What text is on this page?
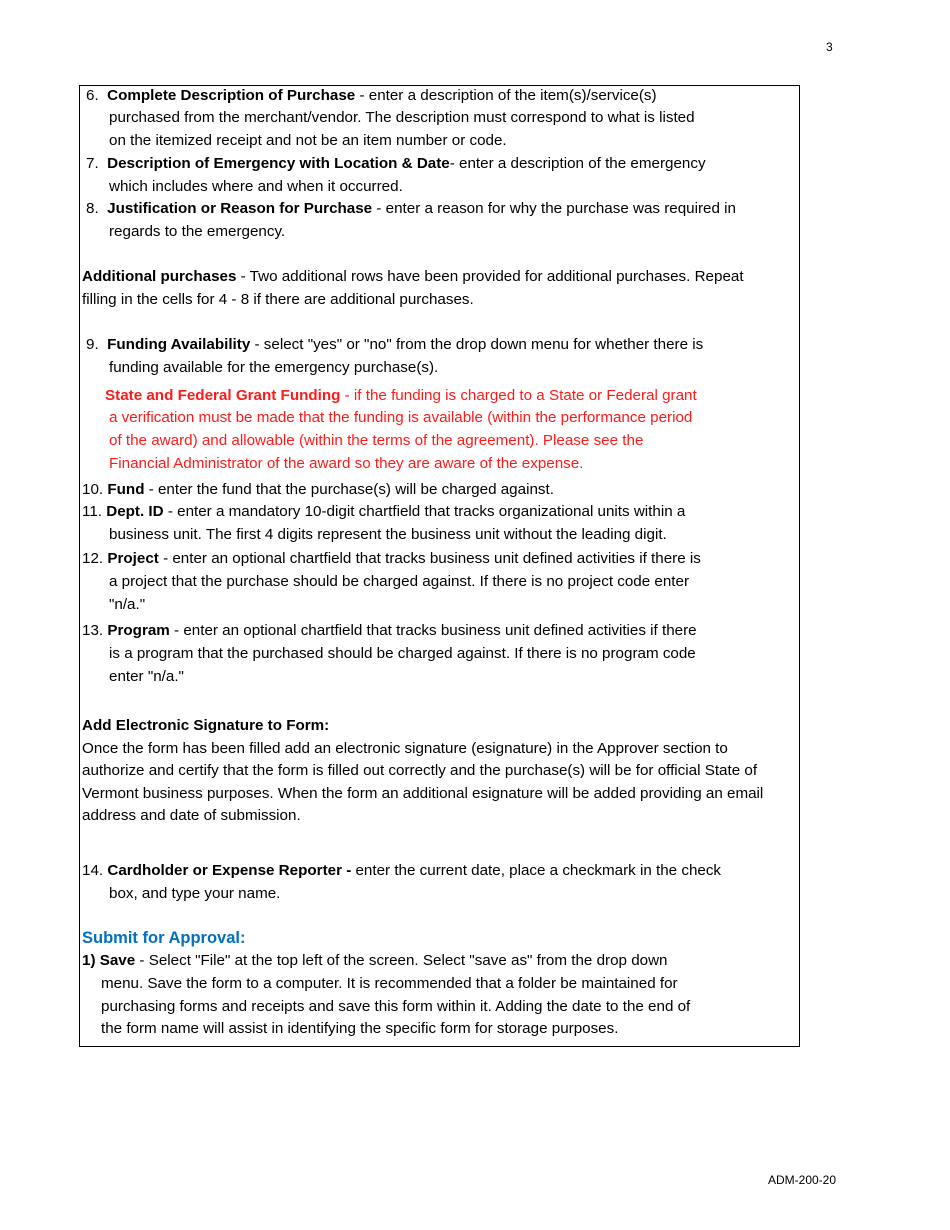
3
6. Complete Description of Purchase - enter a description of the item(s)/service(s)
purchased from the merchant/vendor. The description must correspond to what is listed
on the itemized receipt and not be an item number or code.
7. Description of Emergency with Location & Date- enter a description of the emergency
which includes where and when it occurred.
8. Justification or Reason for Purchase - enter a reason for why the purchase was required in
regards to the emergency.
Additional purchases - Two additional rows have been provided for additional purchases. Repeat
filling in the cells for 4 - 8 if there are additional purchases.
9. Funding Availability - select "yes" or "no" from the drop down menu for whether there is
funding available for the emergency purchase(s).
State and Federal Grant Funding - if the funding is charged to a State or Federal grant
a verification must be made that the funding is available (within the performance period
of the award) and allowable (within the terms of the agreement). Please see the
Financial Administrator of the award so they are aware of the expense.
10. Fund - enter the fund that the purchase(s) will be charged against.
11. Dept. ID - enter a mandatory 10-digit chartfield that tracks organizational units within a
business unit. The first 4 digits represent the business unit without the leading digit.
12. Project - enter an optional chartfield that tracks business unit defined activities if there is
a project that the purchase should be charged against. If there is no project code enter
"n/a."
13. Program - enter an optional chartfield that tracks business unit defined activities if there
is a program that the purchased should be charged against. If there is no program code
enter "n/a."
Add Electronic Signature to Form:
Once the form has been filled add an electronic signature (esignature) in the Approver section to
authorize and certify that the form is filled out correctly and the purchase(s) will be for official State of
Vermont business purposes. When the form an additional esignature will be added providing an email
address and date of submission.
14. Cardholder or Expense Reporter - enter the current date, place a checkmark in the check
box, and type your name.
Submit for Approval:
1) Save - Select "File" at the top left of the screen. Select "save as" from the drop down
menu. Save the form to a computer. It is recommended that a folder be maintained for
purchasing forms and receipts and save this form within it. Adding the date to the end of
the form name will assist in identifying the specific form for storage purposes.
ADM-200-20
